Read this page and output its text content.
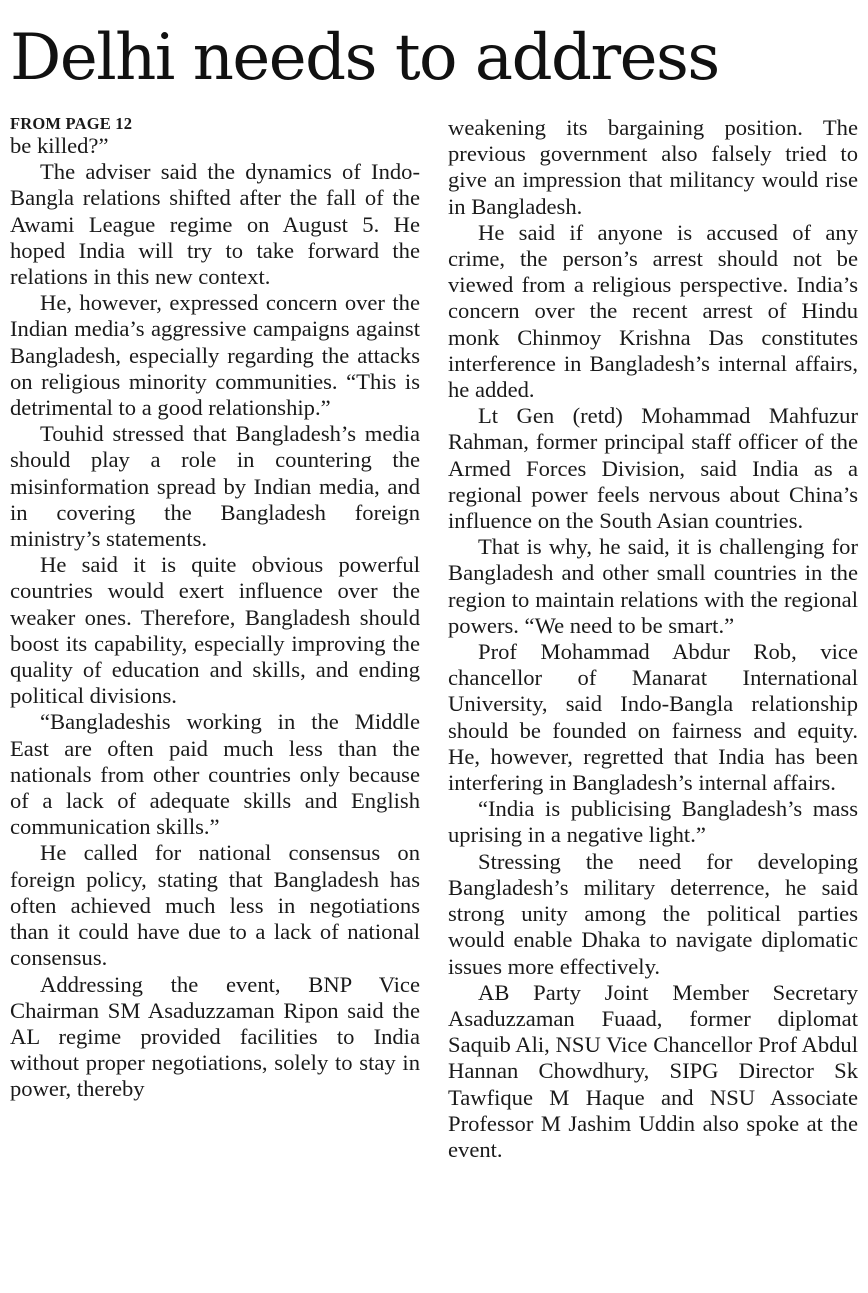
Delhi needs to address

FROM PAGE 12

be killed?”

The adviser said the dynamics of Indo-Bangla relations shifted after the fall of the Awami League regime on August 5. He hoped India will try to take forward the relations in this new context.

He, however, expressed concern over the Indian media’s aggressive campaigns against Bangladesh, especially regarding the attacks on religious minority communities. “This is detrimental to a good relationship.”

Touhid stressed that Bangladesh’s media should play a role in countering the misinformation spread by Indian media, and in covering the Bangladesh foreign ministry’s statements.

He said it is quite obvious powerful countries would exert influence over the weaker ones. Therefore, Bangladesh should boost its capability, especially improving the quality of education and skills, and ending political divisions.

“Bangladeshis working in the Middle East are often paid much less than the nationals from other countries only because of a lack of adequate skills and English communication skills.”

He called for national consensus on foreign policy, stating that Bangladesh has often achieved much less in negotiations than it could have due to a lack of national consensus.

Addressing the event, BNP Vice Chairman SM Asaduzzaman Ripon said the AL regime provided facilities to India without proper negotiations, solely to stay in power, thereby

weakening its bargaining position. The previous government also falsely tried to give an impression that militancy would rise in Bangladesh.

He said if anyone is accused of any crime, the person’s arrest should not be viewed from a religious perspective. India’s concern over the recent arrest of Hindu monk Chinmoy Krishna Das constitutes interference in Bangladesh’s internal affairs, he added.

Lt Gen (retd) Mohammad Mahfuzur Rahman, former principal staff officer of the Armed Forces Division, said India as a regional power feels nervous about China’s influence on the South Asian countries.

That is why, he said, it is challenging for Bangladesh and other small countries in the region to maintain relations with the regional powers. “We need to be smart.”

Prof Mohammad Abdur Rob, vice chancellor of Manarat International University, said Indo-Bangla relationship should be founded on fairness and equity. He, however, regretted that India has been interfering in Bangladesh’s internal affairs.

“India is publicising Bangladesh’s mass uprising in a negative light.”

Stressing the need for developing Bangladesh’s military deterrence, he said strong unity among the political parties would enable Dhaka to navigate diplomatic issues more effectively.

AB Party Joint Member Secretary Asaduzzaman Fuaad, former diplomat Saquib Ali, NSU Vice Chancellor Prof Abdul Hannan Chowdhury, SIPG Director Sk Tawfique M Haque and NSU Associate Professor M Jashim Uddin also spoke at the event.
